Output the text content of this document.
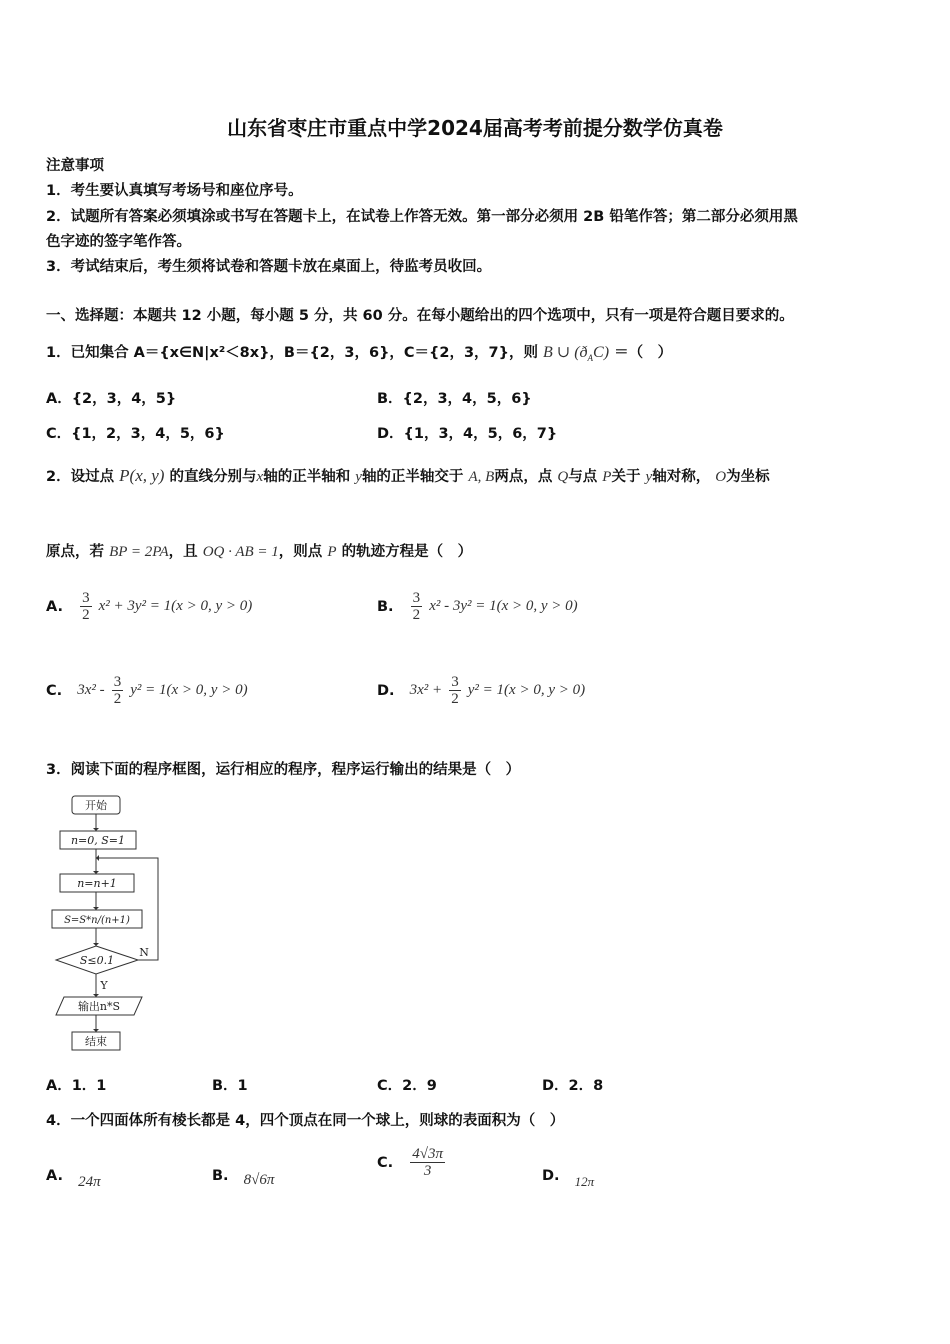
山东省枣庄市重点中学2024届高考考前提分数学仿真卷
注意事项
1．考生要认真填写考场号和座位序号。
2．试题所有答案必须填涂或书写在答题卡上，在试卷上作答无效。第一部分必须用 2B 铅笔作答；第二部分必须用黑
色字迹的签字笔作答。
3．考试结束后，考生须将试卷和答题卡放在桌面上，待监考员收回。
一、选择题：本题共 12 小题，每小题 5 分，共 60 分。在每小题给出的四个选项中，只有一项是符合题目要求的。
1．已知集合 A＝{x∈N|x²＜8x}，B＝{2，3，6}，C＝{2，3，7}，则 B ∪ $(ð_AC)$ ＝（　）
A．{2，3，4，5}	B．{2，3，4，5，6}
C．{1，2，3，4，5，6}	D．{1，3，4，5，6，7}
2．设过点 P(x, y) 的直线分别与x轴的正半轴和 y轴的正半轴交于 A, B两点，点 Q与点 P关于 y轴对称， O为坐标
原点，若 BP = 2PA，且 OQ · AB = 1，则点 P 的轨迹方程是（　）
A. $\frac{3}{2} x^2 + 3y^2 = 1(x > 0$, y > 0)	B. $\frac{3}{2} x^2 - 3y^2 = 1(x > 0$, y > 0)
C. $3x^2 - \frac{3}{2} y^2 = 1(x > 0$, y > 0)	D. $3x^2 + \frac{3}{2} y^2 = 1(x > 0$, y > 0)
3．阅读下面的程序框图，运行相应的程序，程序运行输出的结果是（　）
开始
n=0, S=1
n=n+1
S=S*n/(n+1)
S≤0.1
N
Y
输出n*S
结束
A．1．1	B．1	C．2．9	D．2．8
4．一个四面体所有棱长都是 4，四个顶点在同一个球上，则球的表面积为（　）
A. 24π	B. 8√6π
C. $\frac{4√3\pi}{3}$	D. 12π
